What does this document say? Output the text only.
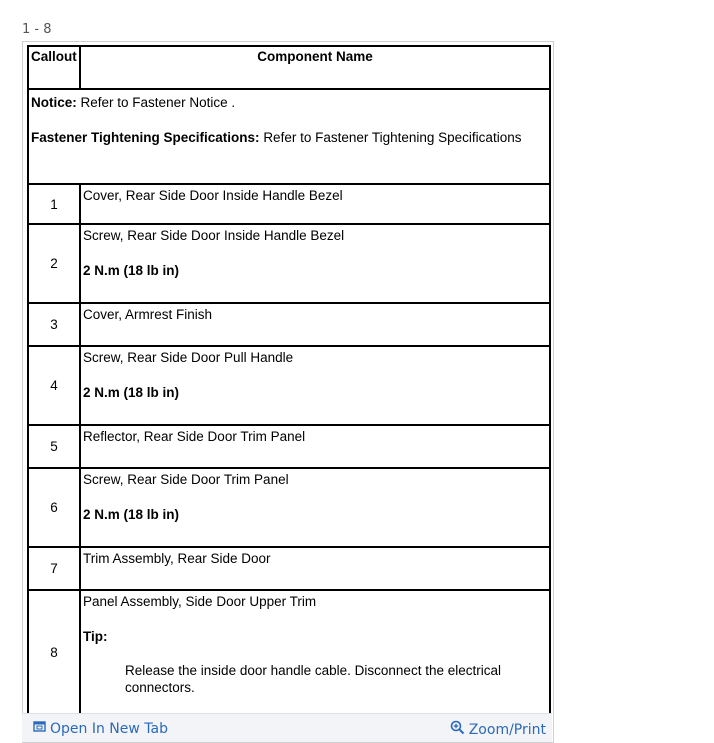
1 - 8
Callout	Component Name

Notice: Refer to Fastener Notice .

Fastener Tightening Specifications: Refer to Fastener Tightening Specifications	

1	Cover, Rear Side Door Inside Handle Bezel
2	Screw, Rear Side Door Inside Handle Bezel
2 N.m (18 lb in)

3	Cover, Armrest Finish
4	Screw, Rear Side Door Pull Handle
2 N.m (18 lb in)

5	Reflector, Rear Side Door Trim Panel
6	Screw, Rear Side Door Trim Panel
2 N.m (18 lb in)

7	Trim Assembly, Rear Side Door
8	Panel Assembly, Side Door Upper Trim
Tip:
Release the inside door handle cable. Disconnect the electrical connectors.
Open In New Tab	Zoom/Print
